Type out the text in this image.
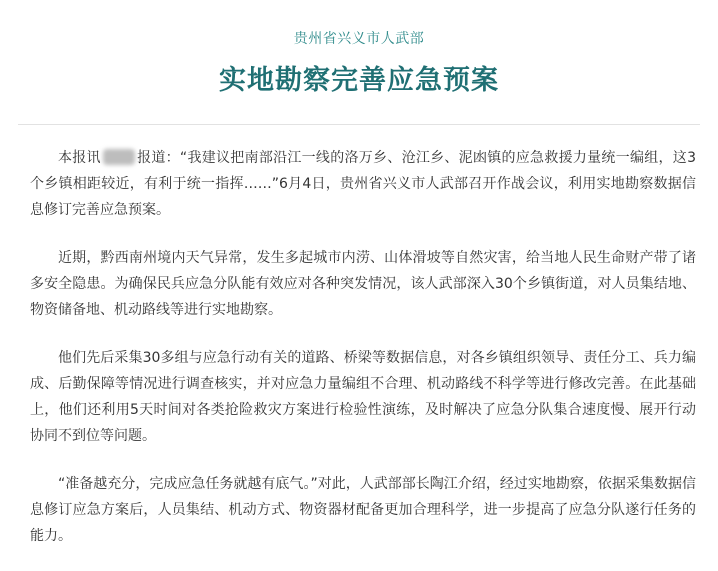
贵州省兴义市人武部
实地勘察完善应急预案

本报讯	报道：“我建议把南部沿江一线的洛万乡、沧江乡、泥凼镇的应急救援力量统一编组，这3个乡镇相距较近，有利于统一指挥……”6月4日，贵州省兴义市人武部召开作战会议，利用实地勘察数据信息修订完善应急预案。

近期，黔西南州境内天气异常，发生多起城市内涝、山体滑坡等自然灾害，给当地人民生命财产带了诸多安全隐患。为确保民兵应急分队能有效应对各种突发情况，该人武部深入30个乡镇街道，对人员集结地、物资储备地、机动路线等进行实地勘察。

他们先后采集30多组与应急行动有关的道路、桥梁等数据信息，对各乡镇组织领导、责任分工、兵力编成、后勤保障等情况进行调查核实，并对应急力量编组不合理、机动路线不科学等进行修改完善。在此基础上，他们还利用5天时间对各类抢险救灾方案进行检验性演练，及时解决了应急分队集合速度慢、展开行动协同不到位等问题。

“准备越充分，完成应急任务就越有底气。”对此，人武部部长陶江介绍，经过实地勘察，依据采集数据信息修订应急方案后，人员集结、机动方式、物资器材配备更加合理科学，进一步提高了应急分队遂行任务的能力。
